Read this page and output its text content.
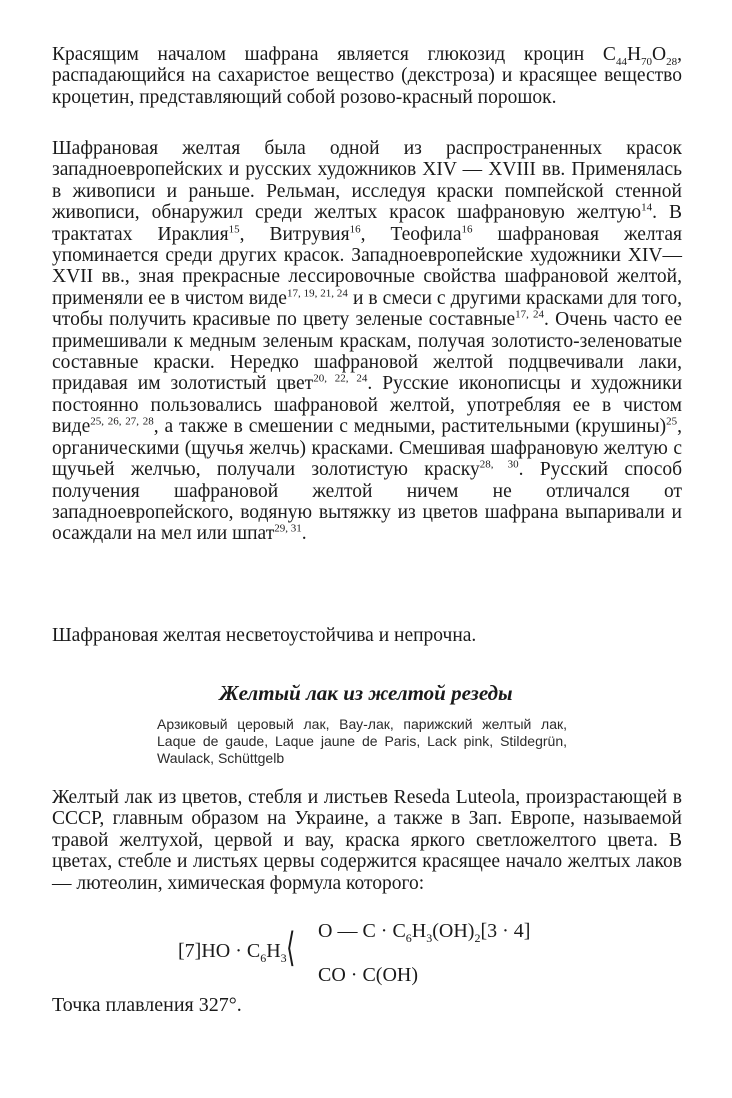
Красящим началом шафрана является глюкозид кроцин $C_{44}H_{70}O_{28}$, распадающийся на сахаристое вещество (декстроза) и красящее вещество кроцетин, представляющий собой розово-красный порошок.

Шафрановая желтая была одной из распространенных красок западноевропейских и русских художников XIV — XVIII вв. Применялась в живописи и раньше. Рельман, исследуя краски помпейской стенной живописи, обнаружил среди желтых красок шафрановую желтую$^{14}$. В трактатах Ираклия$^{15}$, Витрувия$^{16}$, Теофила$^{16}$ шафрановая желтая упоминается среди других красок. Западноевропейские художники XIV—XVII вв., зная прекрасные лессировочные свойства шафрановой желтой, применяли ее в чистом виде$^{17, 19, 21, 24}$ и в смеси с другими красками для того, чтобы получить красивые по цвету зеленые составные$^{17, 24}$. Очень часто ее примешивали к медным зеленым краскам, получая золотисто-зеленоватые составные краски. Нередко шафрановой желтой подцвечивали лаки, придавая им золотистый цвет$^{20, 22, 24}$. Русские иконописцы и художники постоянно пользовались шафрановой желтой, употребляя ее в чистом виде$^{25, 26, 27, 28}$, а также в смешении с медными, растительными (крушины)$^{25}$, органическими (щучья желчь) красками. Смешивая шафрановую желтую с щучьей желчью, получали золотистую краску$^{28, 30}$. Русский способ получения шафрановой желтой ничем не отличался от западноевропейского, водяную вытяжку из цветов шафрана выпаривали и осаждали на мел или шпат$^{29, 31}$.

Шафрановая желтая несветоустойчива и непрочна.

Желтый лак из желтой резеды

Арзиковый церовый лак, Вау-лак, парижский желтый лак, Laque de gaude, Laque jaune de Paris, Lack pink, Stildegrün, Waulack, Schüttgelb

Желтый лак из цветов, стебля и листьев Reseda Luteola, произрастающей в СССР, главным образом на Украине, а также в Зап. Европе, называемой травой желтухой, цервой и вау, краска яркого светложелтого цвета. В цветах, стебле и листьях цервы содержится красящее начало желтых лаков — лютеолин, химическая формула которого:

$[7]HO \cdot C_6H_3$ ⟨ O — $C \cdot C_6H_3(OH)_2[3 \cdot 4]$
CO · C(OH)

Точка плавления 327°.
